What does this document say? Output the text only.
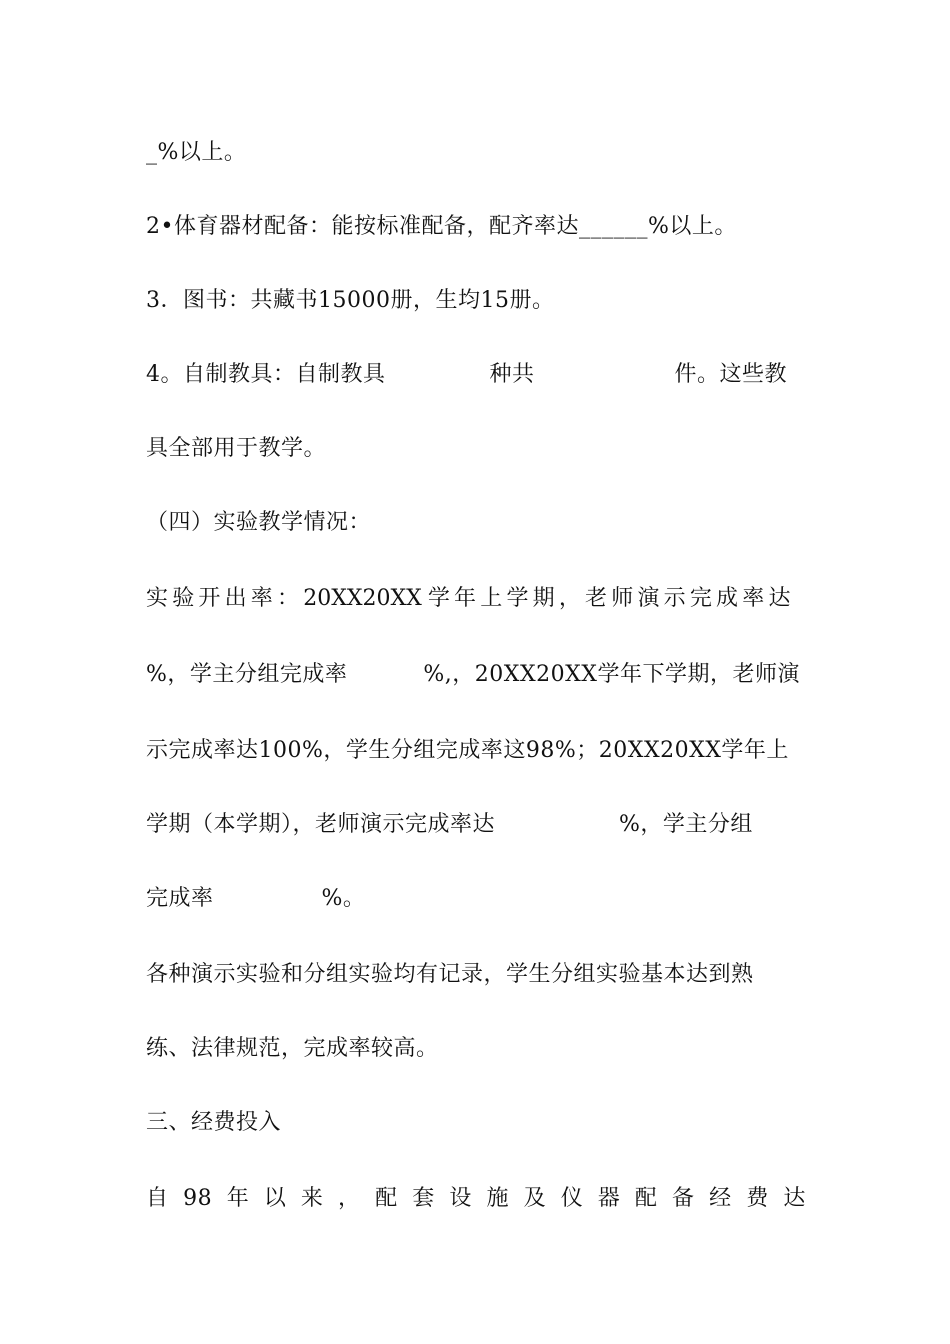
_%以上。
2•体育器材配备：能按标准配备，配齐率达______%以上。
3．图书：共藏书15000册，生均15册。
4。自制教具：自制教具	种共	件。这些教
具全部用于教学。
（四）实验教学情况：
实验开出率：20XX20XX 学年上学期，老师演示完成率达
%，学主分组完成率	%,，20XX20XX学年下学期，老师演
示完成率达100%，学生分组完成率这98%；20XX20XX学年上
学期（本学期），老师演示完成率达	%，学主分组
完成率	%。
各种演示实验和分组实验均有记录，学生分组实验基本达到熟
练、法律规范，完成率较高。
三、经费投入
自 98 年 以 来 ， 配 套 设 施 及 仪 器 配 备 经 费 达
